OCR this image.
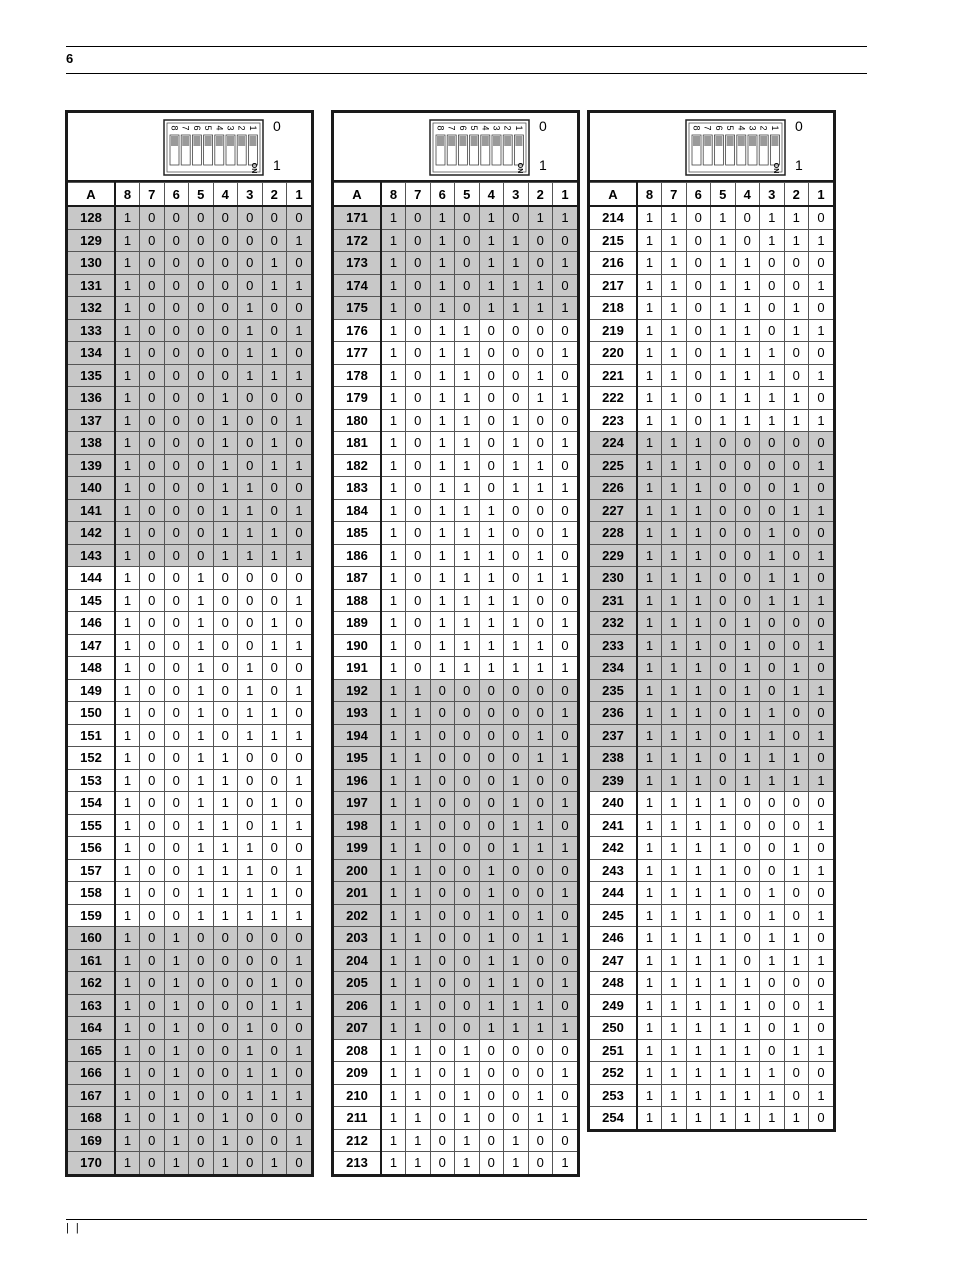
6
8 7 6 5 4 3 2 1
ON
0
1
A	8	7	6	5	4	3	2	1
128	1	0	0	0	0	0	0	0
129	1	0	0	0	0	0	0	1
130	1	0	0	0	0	0	1	0
131	1	0	0	0	0	0	1	1
132	1	0	0	0	0	1	0	0
133	1	0	0	0	0	1	0	1
134	1	0	0	0	0	1	1	0
135	1	0	0	0	0	1	1	1
136	1	0	0	0	1	0	0	0
137	1	0	0	0	1	0	0	1
138	1	0	0	0	1	0	1	0
139	1	0	0	0	1	0	1	1
140	1	0	0	0	1	1	0	0
141	1	0	0	0	1	1	0	1
142	1	0	0	0	1	1	1	0
143	1	0	0	0	1	1	1	1
144	1	0	0	1	0	0	0	0
145	1	0	0	1	0	0	0	1
146	1	0	0	1	0	0	1	0
147	1	0	0	1	0	0	1	1
148	1	0	0	1	0	1	0	0
149	1	0	0	1	0	1	0	1
150	1	0	0	1	0	1	1	0
151	1	0	0	1	0	1	1	1
152	1	0	0	1	1	0	0	0
153	1	0	0	1	1	0	0	1
154	1	0	0	1	1	0	1	0
155	1	0	0	1	1	0	1	1
156	1	0	0	1	1	1	0	0
157	1	0	0	1	1	1	0	1
158	1	0	0	1	1	1	1	0
159	1	0	0	1	1	1	1	1
160	1	0	1	0	0	0	0	0
161	1	0	1	0	0	0	0	1
162	1	0	1	0	0	0	1	0
163	1	0	1	0	0	0	1	1
164	1	0	1	0	0	1	0	0
165	1	0	1	0	0	1	0	1
166	1	0	1	0	0	1	1	0
167	1	0	1	0	0	1	1	1
168	1	0	1	0	1	0	0	0
169	1	0	1	0	1	0	0	1
170	1	0	1	0	1	0	1	0
8 7 6 5 4 3 2 1
ON
0
1
A	8	7	6	5	4	3	2	1
171	1	0	1	0	1	0	1	1
172	1	0	1	0	1	1	0	0
173	1	0	1	0	1	1	0	1
174	1	0	1	0	1	1	1	0
175	1	0	1	0	1	1	1	1
176	1	0	1	1	0	0	0	0
177	1	0	1	1	0	0	0	1
178	1	0	1	1	0	0	1	0
179	1	0	1	1	0	0	1	1
180	1	0	1	1	0	1	0	0
181	1	0	1	1	0	1	0	1
182	1	0	1	1	0	1	1	0
183	1	0	1	1	0	1	1	1
184	1	0	1	1	1	0	0	0
185	1	0	1	1	1	0	0	1
186	1	0	1	1	1	0	1	0
187	1	0	1	1	1	0	1	1
188	1	0	1	1	1	1	0	0
189	1	0	1	1	1	1	0	1
190	1	0	1	1	1	1	1	0
191	1	0	1	1	1	1	1	1
192	1	1	0	0	0	0	0	0
193	1	1	0	0	0	0	0	1
194	1	1	0	0	0	0	1	0
195	1	1	0	0	0	0	1	1
196	1	1	0	0	0	1	0	0
197	1	1	0	0	0	1	0	1
198	1	1	0	0	0	1	1	0
199	1	1	0	0	0	1	1	1
200	1	1	0	0	1	0	0	0
201	1	1	0	0	1	0	0	1
202	1	1	0	0	1	0	1	0
203	1	1	0	0	1	0	1	1
204	1	1	0	0	1	1	0	0
205	1	1	0	0	1	1	0	1
206	1	1	0	0	1	1	1	0
207	1	1	0	0	1	1	1	1
208	1	1	0	1	0	0	0	0
209	1	1	0	1	0	0	0	1
210	1	1	0	1	0	0	1	0
211	1	1	0	1	0	0	1	1
212	1	1	0	1	0	1	0	0
213	1	1	0	1	0	1	0	1
8 7 6 5 4 3 2 1
ON
0
1
A	8	7	6	5	4	3	2	1
214	1	1	0	1	0	1	1	0
215	1	1	0	1	0	1	1	1
216	1	1	0	1	1	0	0	0
217	1	1	0	1	1	0	0	1
218	1	1	0	1	1	0	1	0
219	1	1	0	1	1	0	1	1
220	1	1	0	1	1	1	0	0
221	1	1	0	1	1	1	0	1
222	1	1	0	1	1	1	1	0
223	1	1	0	1	1	1	1	1
224	1	1	1	0	0	0	0	0
225	1	1	1	0	0	0	0	1
226	1	1	1	0	0	0	1	0
227	1	1	1	0	0	0	1	1
228	1	1	1	0	0	1	0	0
229	1	1	1	0	0	1	0	1
230	1	1	1	0	0	1	1	0
231	1	1	1	0	0	1	1	1
232	1	1	1	0	1	0	0	0
233	1	1	1	0	1	0	0	1
234	1	1	1	0	1	0	1	0
235	1	1	1	0	1	0	1	1
236	1	1	1	0	1	1	0	0
237	1	1	1	0	1	1	0	1
238	1	1	1	0	1	1	1	0
239	1	1	1	0	1	1	1	1
240	1	1	1	1	0	0	0	0
241	1	1	1	1	0	0	0	1
242	1	1	1	1	0	0	1	0
243	1	1	1	1	0	0	1	1
244	1	1	1	1	0	1	0	0
245	1	1	1	1	0	1	0	1
246	1	1	1	1	0	1	1	0
247	1	1	1	1	0	1	1	1
248	1	1	1	1	1	0	0	0
249	1	1	1	1	1	0	0	1
250	1	1	1	1	1	0	1	0
251	1	1	1	1	1	0	1	1
252	1	1	1	1	1	1	0	0
253	1	1	1	1	1	1	0	1
254	1	1	1	1	1	1	1	0
| |
